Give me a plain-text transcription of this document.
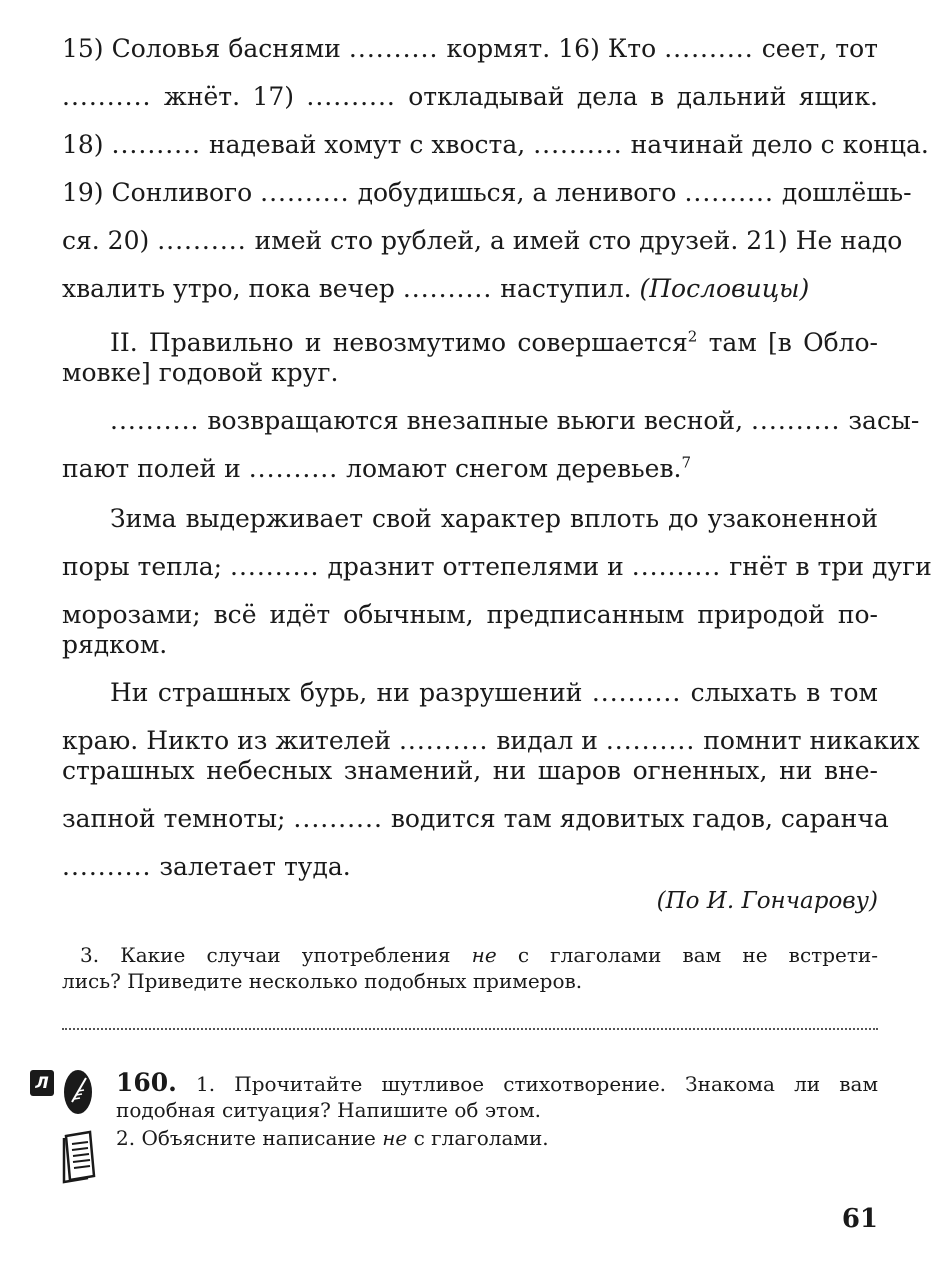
15) Соловья баснями .......... кормят. 16) Кто .......... сеет, тот
.......... жнёт. 17) .......... откладывай дела в дальний ящик.
18) .......... надевай хомут с хвоста, .......... начинай дело с конца.
19) Сонливого .......... добудишься, а ленивого .......... дошлёшь-
ся. 20) .......... имей сто рублей, а имей сто друзей. 21) Не надо
хвалить утро, пока вечер .......... наступил. (Пословицы)
II. Правильно и невозмутимо совершается$^2$ там [в Обло-
мовке] годовой круг.
.......... возвращаются внезапные вьюги весной, .......... засы-
пают полей и .......... ломают снегом деревьев.$^7$
Зима выдерживает свой характер вплоть до узаконенной
поры тепла; .......... дразнит оттепелями и .......... гнёт в три дуги
морозами; всё идёт обычным, предписанным природой по-
рядком.
Ни страшных бурь, ни разрушений .......... слыхать в том
краю. Никто из жителей .......... видал и .......... помнит никаких
страшных небесных знамений, ни шаров огненных, ни вне-
запной темноты; .......... водится там ядовитых гадов, саранча
.......... залетает туда.
(По И. Гончарову)
3. Какие случаи употребления не с глаголами вам не встрети-
лись? Приведите несколько подобных примеров.
Л	160. 1. Прочитайте шутливое стихотворение. Знакома ли вам
подобная ситуация? Напишите об этом.
2. Объясните написание не с глаголами.
61
